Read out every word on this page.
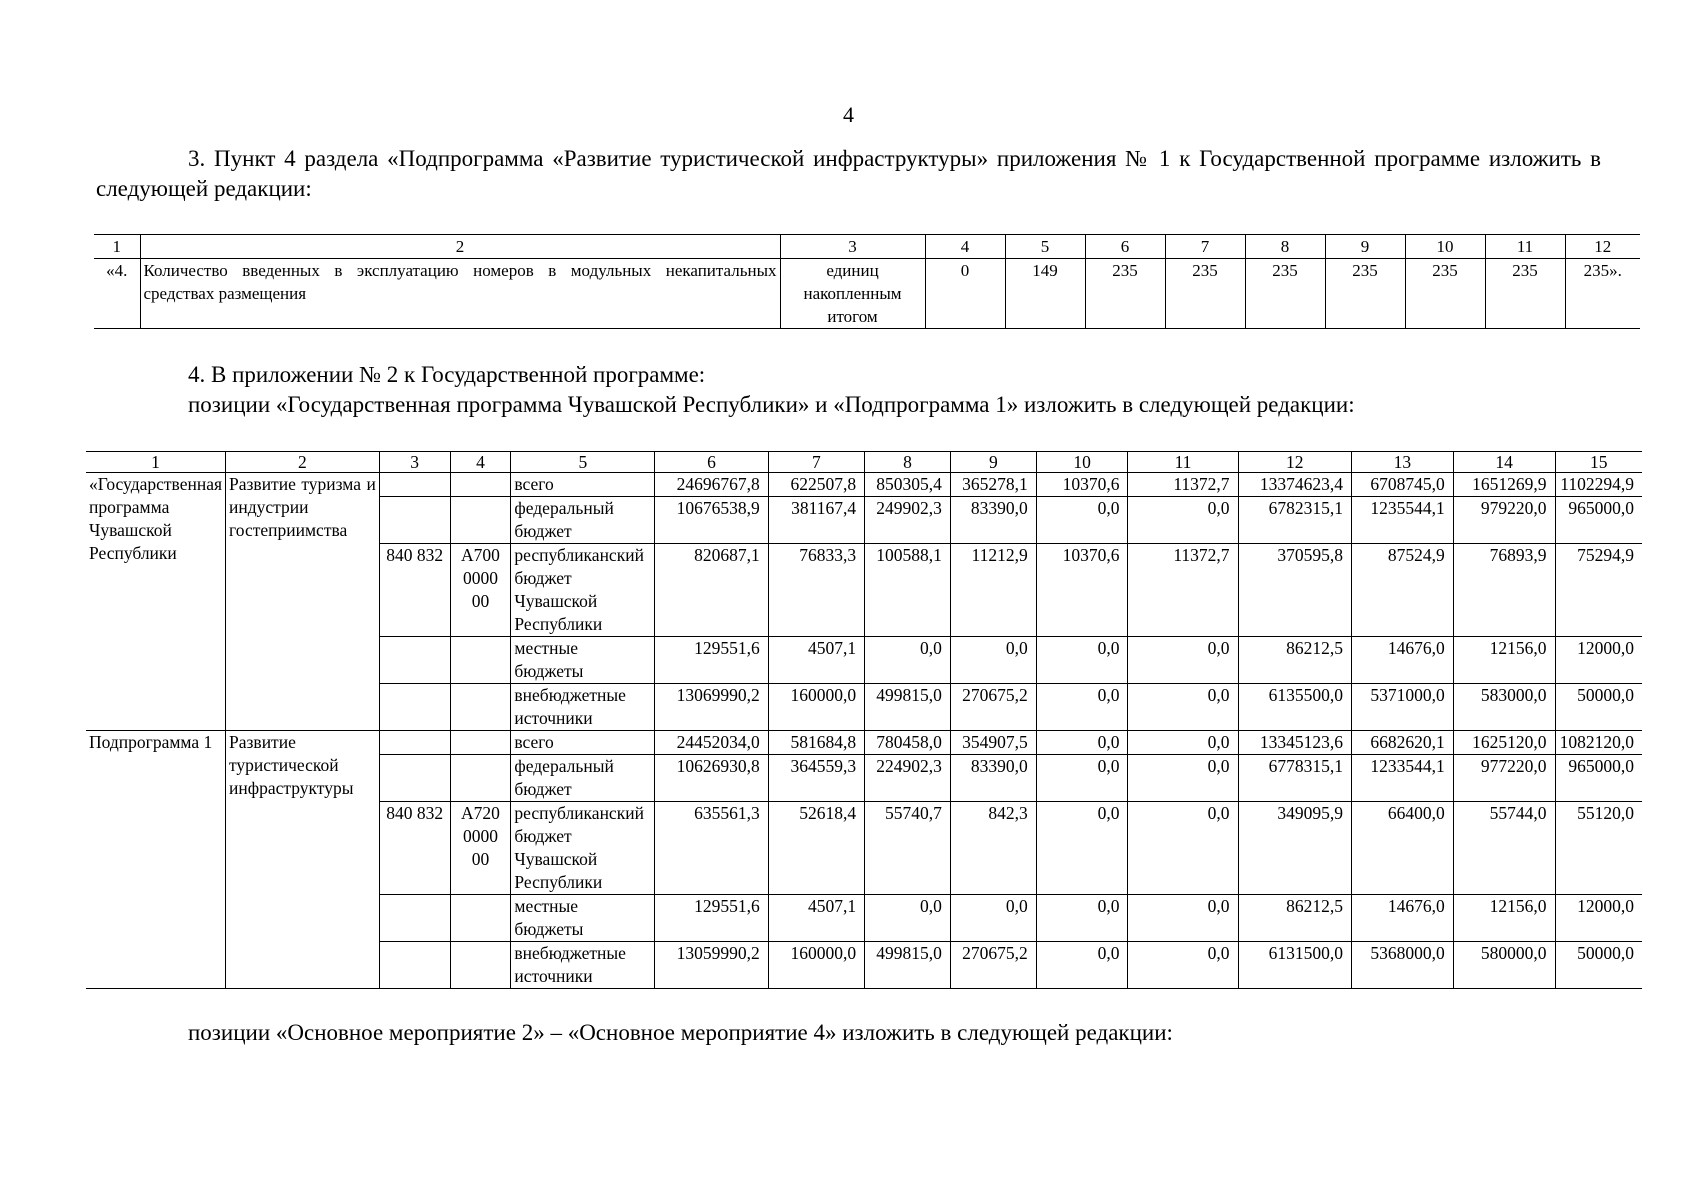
4
3. Пункт 4 раздела «Подпрограмма «Развитие туристической инфраструктуры» приложения № 1 к Государственной программе изложить в следующей редакции:
1	2	3	4	5	6	7	8	9	10	11	12
«4.	Количество введенных в эксплуатацию номеров в модульных некапитальных средствах размещения	единиц накопленным итогом	0	149	235	235	235	235	235	235	235».
4. В приложении № 2 к Государственной программе:
позиции «Государственная программа Чувашской Республики» и «Подпрограмма 1» изложить в следующей редакции:
1	2	3	4	5	6	7	8	9	10	11	12	13	14	15
«Государственная программа Чувашской Республики	Развитие туризма и индустрии гостеприимства			всего	24696767,8	622507,8	850305,4	365278,1	10370,6	11372,7	13374623,4	6708745,0	1651269,9	1102294,9
				федеральный бюджет	10676538,9	381167,4	249902,3	83390,0	0,0	0,0	6782315,1	1235544,1	979220,0	965000,0
		840 832	А700 0000 00	республиканский бюджет Чувашской Республики	820687,1	76833,3	100588,1	11212,9	10370,6	11372,7	370595,8	87524,9	76893,9	75294,9
				местные бюджеты	129551,6	4507,1	0,0	0,0	0,0	0,0	86212,5	14676,0	12156,0	12000,0
				внебюджетные источники	13069990,2	160000,0	499815,0	270675,2	0,0	0,0	6135500,0	5371000,0	583000,0	50000,0
Подпрограмма 1	Развитие туристической инфраструктуры			всего	24452034,0	581684,8	780458,0	354907,5	0,0	0,0	13345123,6	6682620,1	1625120,0	1082120,0
				федеральный бюджет	10626930,8	364559,3	224902,3	83390,0	0,0	0,0	6778315,1	1233544,1	977220,0	965000,0
		840 832	А720 0000 00	республиканский бюджет Чувашской Республики	635561,3	52618,4	55740,7	842,3	0,0	0,0	349095,9	66400,0	55744,0	55120,0
				местные бюджеты	129551,6	4507,1	0,0	0,0	0,0	0,0	86212,5	14676,0	12156,0	12000,0
				внебюджетные источники	13059990,2	160000,0	499815,0	270675,2	0,0	0,0	6131500,0	5368000,0	580000,0	50000,0
позиции «Основное мероприятие 2» – «Основное мероприятие 4» изложить в следующей редакции:
